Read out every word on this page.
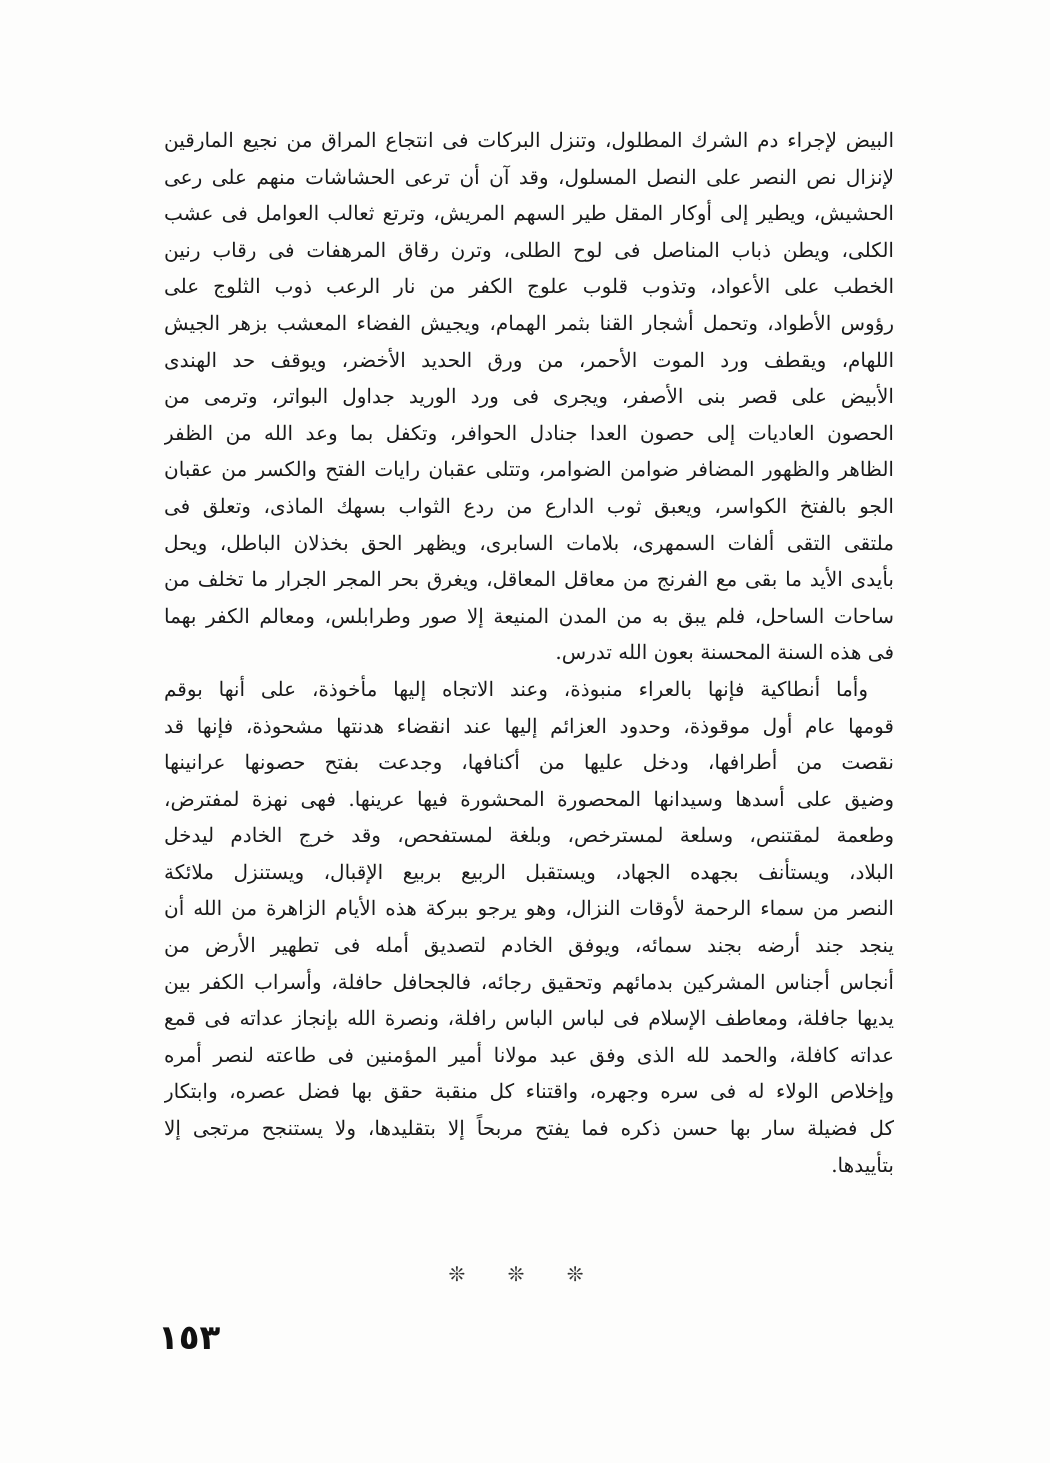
البيض لإجراء دم الشرك المطلول، وتنزل البركات فى انتجاع المراق من نجيع المارقين
لإنزال نص النصر على النصل المسلول، وقد آن أن ترعى الحشاشات منهم على رعى
الحشيش، ويطير إلى أوكار المقل طير السهم المريش، وترتع ثعالب العوامل فى عشب
الكلى، ويطن ذباب المناصل فى لوح الطلى، وترن رقاق المرهفات فى رقاب رنين
الخطب على الأعواد، وتذوب قلوب علوج الكفر من نار الرعب ذوب الثلوج على
رؤوس الأطواد، وتحمل أشجار القنا بثمر الهمام، ويجيش الفضاء المعشب بزهر الجيش
اللهام، ويقطف ورد الموت الأحمر، من ورق الحديد الأخضر، ويوقف حد الهندى
الأبيض على قصر بنى الأصفر، ويجرى فى ورد الوريد جداول البواتر، وترمى من
الحصون العاديات إلى حصون العدا جنادل الحوافر، وتكفل بما وعد الله من الظفر
الظاهر والظهور المضافر ضوامن الضوامر، وتتلى عقبان رايات الفتح والكسر من عقبان
الجو بالفتخ الكواسر، ويعبق ثوب الدارع من ردع الثواب بسهك الماذى، وتعلق فى
ملتقى التقى ألفات السمهرى، بلامات السابرى، ويظهر الحق بخذلان الباطل، ويحل
بأيدى الأيد ما بقى مع الفرنج من معاقل المعاقل، ويغرق بحر المجر الجرار ما تخلف من
ساحات الساحل، فلم يبق به من المدن المنيعة إلا صور وطرابلس، ومعالم الكفر بهما
فى هذه السنة المحسنة بعون الله تدرس.
وأما أنطاكية فإنها بالعراء منبوذة، وعند الاتجاه إليها مأخوذة، على أنها بوقم
قومها عام أول موقوذة، وحدود العزائم إليها عند انقضاء هدنتها مشحوذة، فإنها قد
نقصت من أطرافها، ودخل عليها من أكنافها، وجدعت بفتح حصونها عرانينها
وضيق على أسدها وسيدانها المحصورة المحشورة فيها عرينها. فهى نهزة لمفترض،
وطعمة لمقتنص، وسلعة لمسترخص، وبلغة لمستفحص، وقد خرج الخادم ليدخل
البلاد، ويستأنف بجهده الجهاد، ويستقبل الربيع بربيع الإقبال، ويستنزل ملائكة
النصر من سماء الرحمة لأوقات النزال، وهو يرجو ببركة هذه الأيام الزاهرة من الله أن
ينجد جند أرضه بجند سمائه، ويوفق الخادم لتصديق أمله فى تطهير الأرض من
أنجاس أجناس المشركين بدمائهم وتحقيق رجائه، فالجحافل حافلة، وأسراب الكفر بين
يديها جافلة، ومعاطف الإسلام فى لباس الباس رافلة، ونصرة الله بإنجاز عداته فى قمع
عداته كافلة، والحمد لله الذى وفق عبد مولانا أمير المؤمنين فى طاعته لنصر أمره
وإخلاص الولاء له فى سره وجهره، واقتناء كل منقبة حقق بها فضل عصره، وابتكار
كل فضيلة سار بها حسن ذكره فما يفتح مربحاً إلا بتقليدها، ولا يستنجح مرتجى إلا
بتأييدها.
❊ ❊ ❊
١٥٣
